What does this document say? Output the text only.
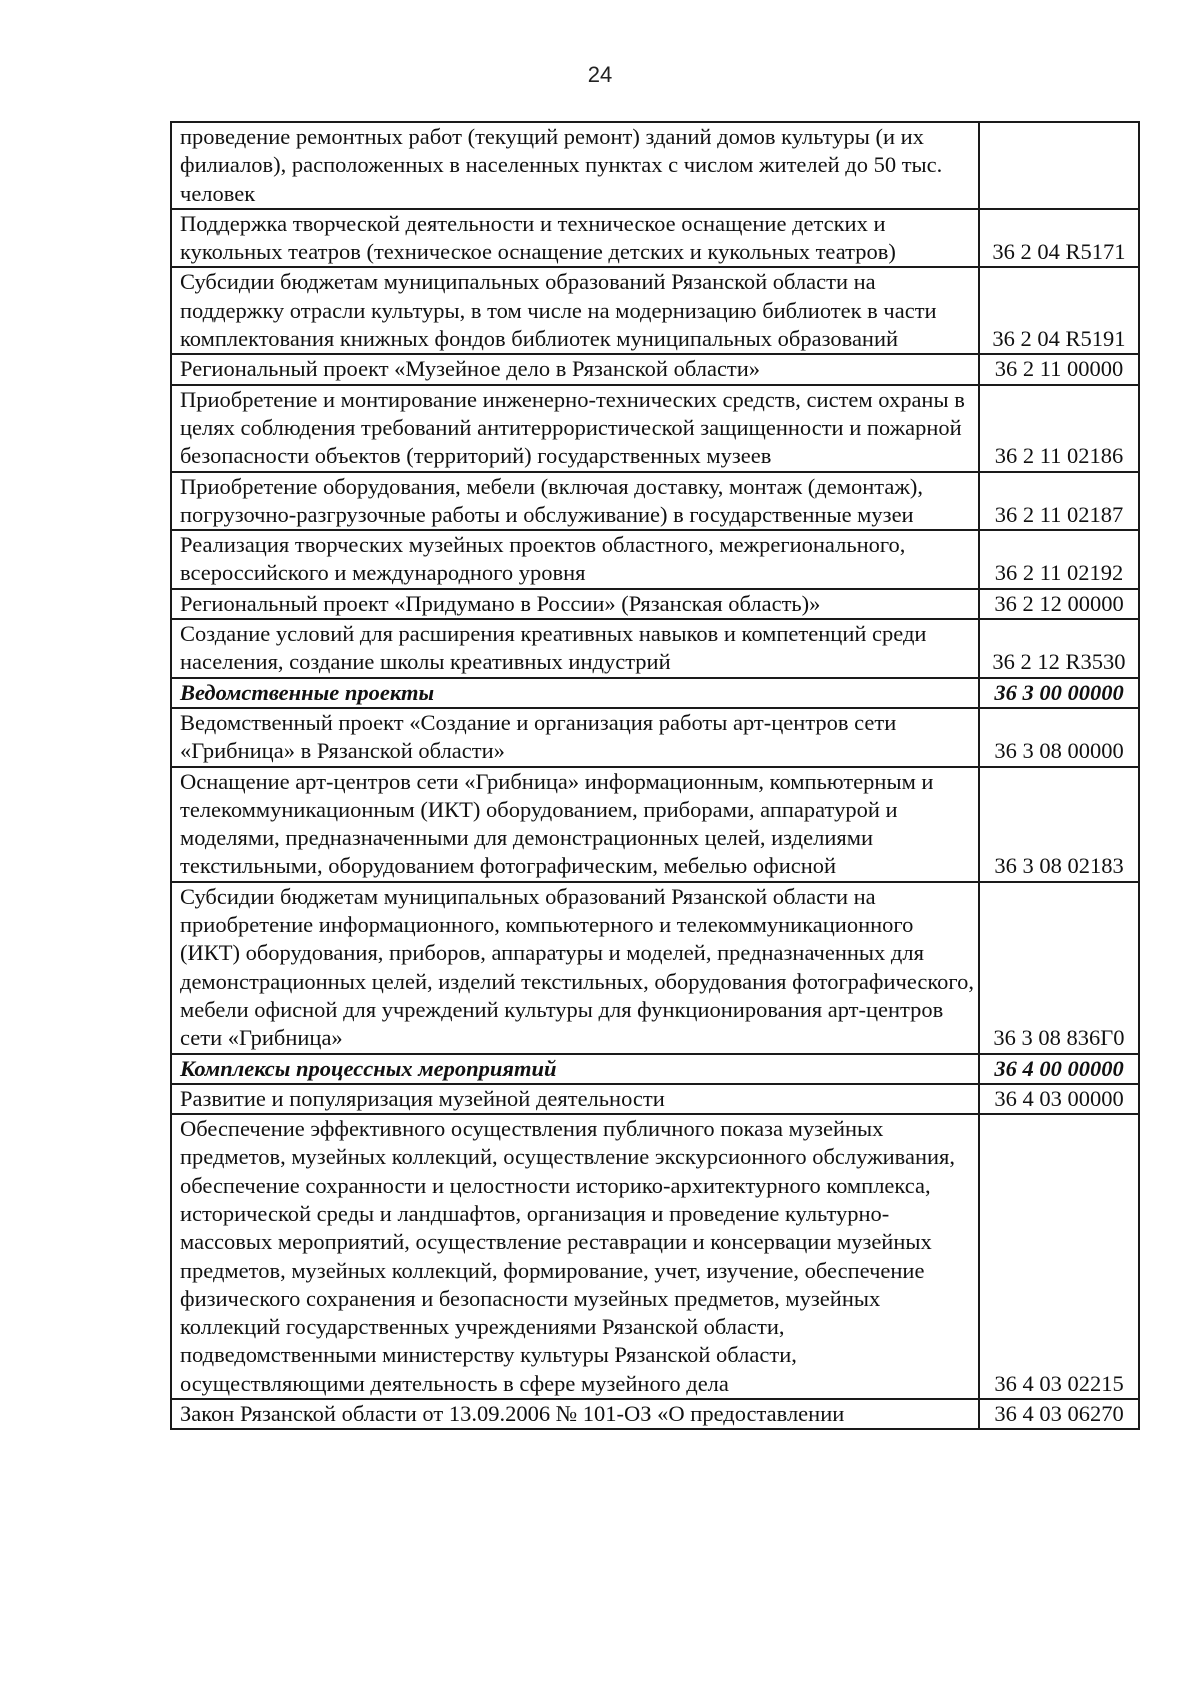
24
проведение ремонтных работ (текущий ремонт) зданий домов культуры (и их филиалов), расположенных в населенных пунктах с числом жителей до 50 тыс. человек	
Поддержка творческой деятельности и техническое оснащение детских и кукольных театров (техническое оснащение детских и кукольных театров)	36 2 04 R5171
Субсидии бюджетам муниципальных образований Рязанской области на поддержку отрасли культуры, в том числе на модернизацию библиотек в части комплектования книжных фондов библиотек муниципальных образований	36 2 04 R5191
Региональный проект «Музейное дело в Рязанской области»	36 2 11 00000
Приобретение и монтирование инженерно-технических средств, систем охраны в целях соблюдения требований антитеррористической защищенности и пожарной безопасности объектов (территорий) государственных музеев	36 2 11 02186
Приобретение оборудования, мебели (включая доставку, монтаж (демонтаж), погрузочно-разгрузочные работы и обслуживание) в государственные музеи	36 2 11 02187
Реализация творческих музейных проектов областного, межрегионального, всероссийского и международного уровня	36 2 11 02192
Региональный проект «Придумано в России» (Рязанская область)»	36 2 12 00000
Создание условий для расширения креативных навыков и компетенций среди населения, создание школы креативных индустрий	36 2 12 R3530
Ведомственные проекты	36 3 00 00000
Ведомственный проект «Создание и организация работы арт-центров сети «Грибница» в Рязанской области»	36 3 08 00000
Оснащение арт-центров сети «Грибница» информационным, компьютерным и телекоммуникационным (ИКТ) оборудованием, приборами, аппаратурой и моделями, предназначенными для демонстрационных целей, изделиями текстильными, оборудованием фотографическим, мебелью офисной	36 3 08 02183
Субсидии бюджетам муниципальных образований Рязанской области на приобретение информационного, компьютерного и телекоммуникационного (ИКТ) оборудования, приборов, аппаратуры и моделей, предназначенных для демонстрационных целей, изделий текстильных, оборудования фотографического, мебели офисной для учреждений культуры для функционирования арт-центров сети «Грибница»	36 3 08 836Г0
Комплексы процессных мероприятий	36 4 00 00000
Развитие и популяризация музейной деятельности	36 4 03 00000
Обеспечение эффективного осуществления публичного показа музейных предметов, музейных коллекций, осуществление экскурсионного обслуживания, обеспечение сохранности и целостности историко-архитектурного комплекса, исторической среды и ландшафтов, организация и проведение культурно-массовых мероприятий, осуществление реставрации и консервации музейных предметов, музейных коллекций, формирование, учет, изучение, обеспечение физического сохранения и безопасности музейных предметов, музейных коллекций государственных учреждениями Рязанской области, подведомственными министерству культуры Рязанской области, осуществляющими деятельность в сфере музейного дела	36 4 03 02215
Закон Рязанской области от 13.09.2006 № 101-ОЗ «О предоставлении	36 4 03 06270
